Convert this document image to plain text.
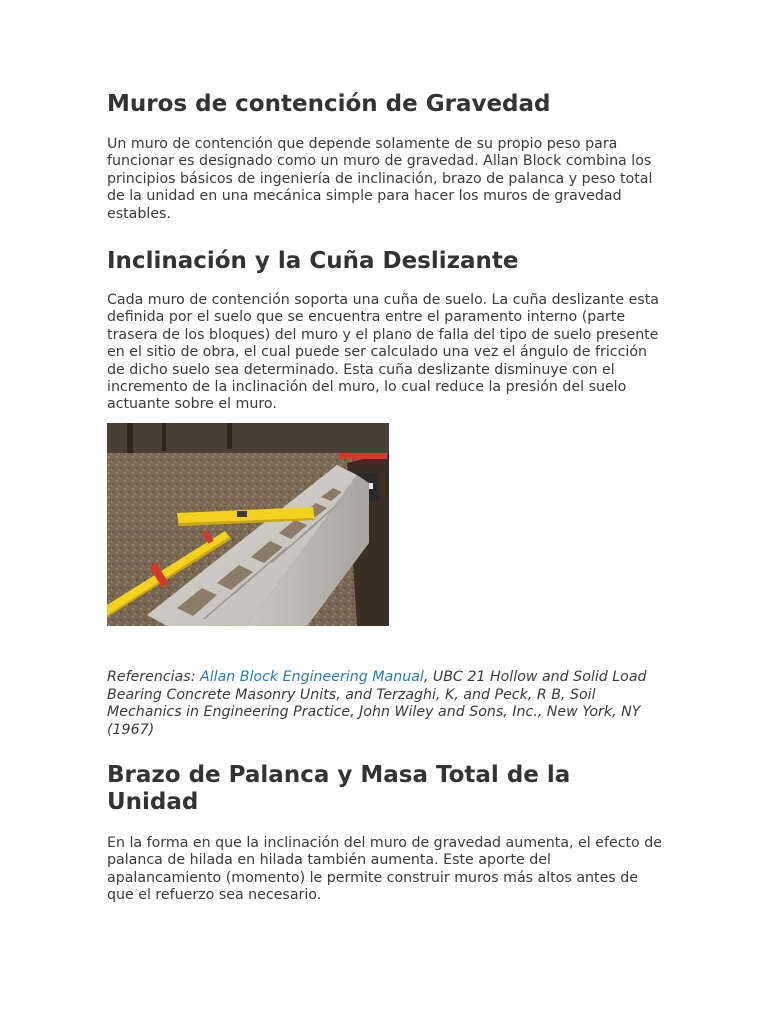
Muros de contención de Gravedad

Un muro de contención que depende solamente de su propio peso para funcionar es designado como un muro de gravedad. Allan Block combina los principios básicos de ingeniería de inclinación, brazo de palanca y peso total de la unidad en una mecánica simple para hacer los muros de gravedad estables.

Inclinación y la Cuña Deslizante

Cada muro de contención soporta una cuña de suelo. La cuña deslizante esta definida por el suelo que se encuentra entre el paramento interno (parte trasera de los bloques) del muro y el plano de falla del tipo de suelo presente en el sitio de obra, el cual puede ser calculado una vez el ángulo de fricción de dicho suelo sea determinado. Esta cuña deslizante disminuye con el incremento de la inclinación del muro, lo cual reduce la presión del suelo actuante sobre el muro.

Referencias: Allan Block Engineering Manual, UBC 21 Hollow and Solid Load Bearing Concrete Masonry Units, and Terzaghi, K, and Peck, R B, Soil Mechanics in Engineering Practice, John Wiley and Sons, Inc., New York, NY (1967)

Brazo de Palanca y Masa Total de la Unidad

En la forma en que la inclinación del muro de gravedad aumenta, el efecto de palanca de hilada en hilada también aumenta. Este aporte del apalancamiento (momento) le permite construir muros más altos antes de que el refuerzo sea necesario.
